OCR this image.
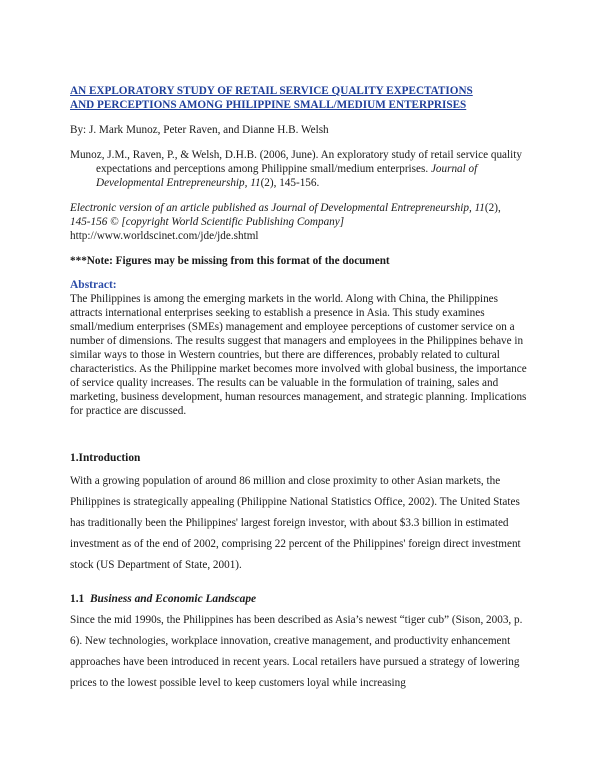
AN EXPLORATORY STUDY OF RETAIL SERVICE QUALITY EXPECTATIONS
AND PERCEPTIONS AMONG PHILIPPINE SMALL/MEDIUM ENTERPRISES

By: J. Mark Munoz, Peter Raven, and Dianne H.B. Welsh

Munoz, J.M., Raven, P., & Welsh, D.H.B. (2006, June). An exploratory study of retail service quality expectations and perceptions among Philippine small/medium enterprises. Journal of Developmental Entrepreneurship, 11(2), 145-156.

Electronic version of an article published as Journal of Developmental Entrepreneurship, 11(2),
145-156 © [copyright World Scientific Publishing Company]
http://www.worldscinet.com/jde/jde.shtml

***Note: Figures may be missing from this format of the document

Abstract:

The Philippines is among the emerging markets in the world. Along with China, the Philippines attracts international enterprises seeking to establish a presence in Asia. This study examines small/medium enterprises (SMEs) management and employee perceptions of customer service on a number of dimensions. The results suggest that managers and employees in the Philippines behave in similar ways to those in Western countries, but there are differences, probably related to cultural characteristics. As the Philippine market becomes more involved with global business, the importance of service quality increases. The results can be valuable in the formulation of training, sales and marketing, business development, human resources management, and strategic planning. Implications for practice are discussed.

1.Introduction

With a growing population of around 86 million and close proximity to other Asian markets, the Philippines is strategically appealing (Philippine National Statistics Office, 2002). The United States has traditionally been the Philippines' largest foreign investor, with about $3.3 billion in estimated investment as of the end of 2002, comprising 22 percent of the Philippines' foreign direct investment stock (US Department of State, 2001).

1.1 Business and Economic Landscape

Since the mid 1990s, the Philippines has been described as Asia’s newest “tiger cub” (Sison, 2003, p. 6). New technologies, workplace innovation, creative management, and productivity enhancement approaches have been introduced in recent years. Local retailers have pursued a strategy of lowering prices to the lowest possible level to keep customers loyal while increasing
